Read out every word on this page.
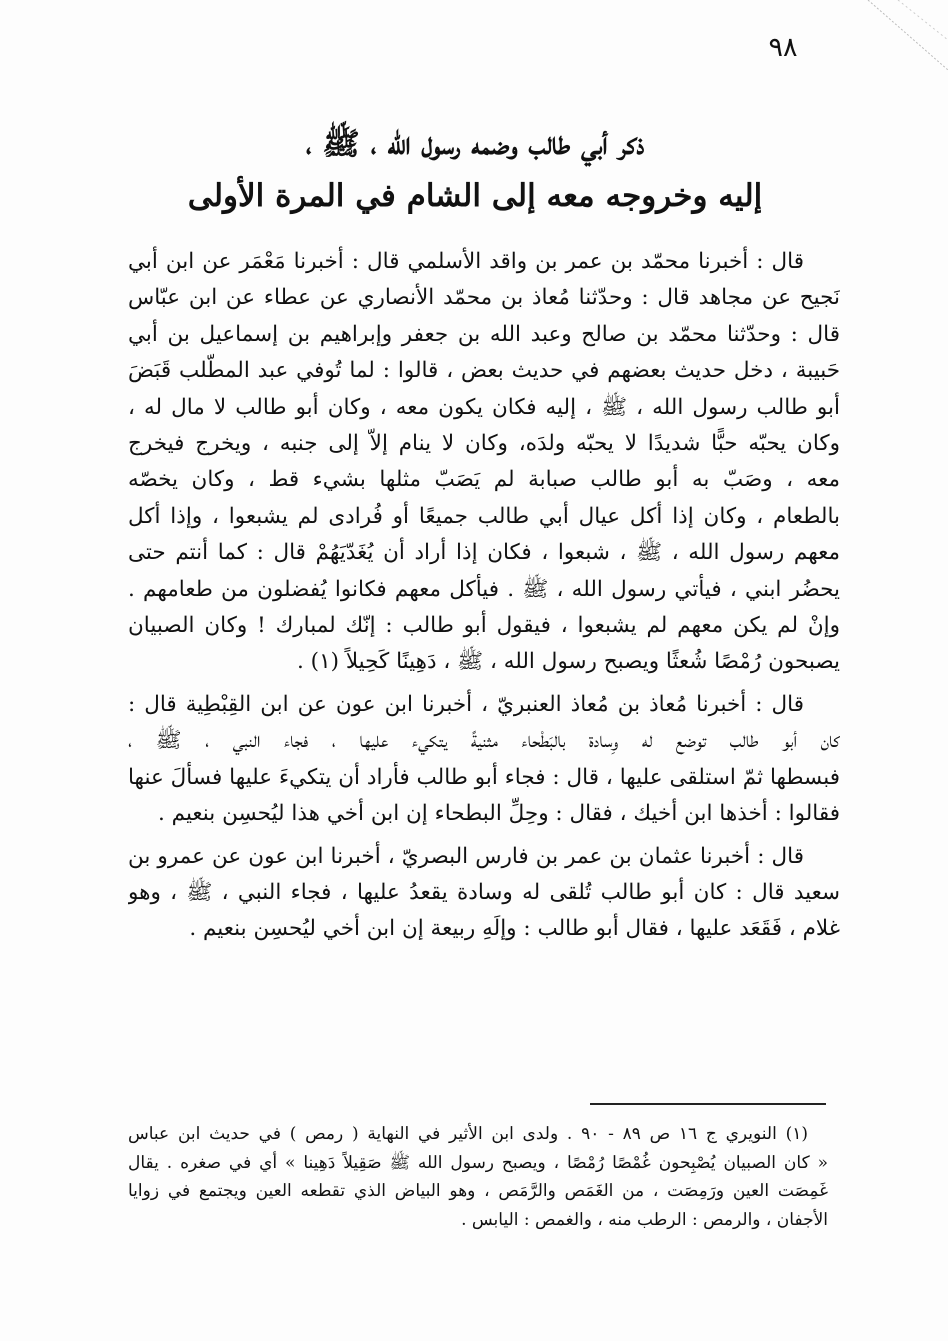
٩٨
ذكر أبي طالب وضمه رسول الله ، ﷺ ،
إليه وخروجه معه إلى الشام في المرة الأولى
قال : أخبرنا محمّد بن عمر بن واقد الأسلمي قال : أخبرنا مَعْمَر عن ابن أبي
نَجيح عن مجاهد قال : وحدّثنا مُعاذ بن محمّد الأنصاري عن عطاء عن ابن عبّاس
قال : وحدّثنا محمّد بن صالح وعبد الله بن جعفر وإبراهيم بن إسماعيل بن أبي
حَبيبة ، دخل حديث بعضهم في حديث بعض ، قالوا : لما تُوفي عبد المطّلب قَبَضَ
أبو طالب رسول الله ، ﷺ ، إليه فكان يكون معه ، وكان أبو طالب لا مال له ،
وكان يحبّه حبًّا شديدًا لا يحبّه ولدَه، وكان لا ينام إلاّ إلى جنبه ، ويخرج فيخرج
معه ، وصَبّ به أبو طالب صبابة لم يَصَبّ مثلها بشيء قط ، وكان يخصّه
بالطعام ، وكان إذا أكل عيال أبي طالب جميعًا أو فُرادى لم يشبعوا ، وإذا أكل
معهم رسول الله ، ﷺ ، شبعوا ، فكان إذا أراد أن يُغَدّيَهُمْ قال : كما أنتم حتى
يحضُر ابني ، فيأتي رسول الله ، ﷺ . فيأكل معهم فكانوا يُفضلون من طعامهم .
وإنْ لم يكن معهم لم يشبعوا ، فيقول أبو طالب : إنّك لمبارك ! وكان الصبيان
يصبحون رُمْصًا شُعثًا ويصبح رسول الله ، ﷺ ، دَهِينًا كَحِيلاً (١) .
قال : أخبرنا مُعاذ بن مُعاذ العنبريّ ، أخبرنا ابن عون عن ابن القِبْطِية قال :
كان أبو طالب توضع له وِسادة بالبَطْحاء مثنيةً يتكيء عليها ، فجاء النبي ، ﷺ ،
فبسطها ثمّ استلقى عليها ، قال : فجاء أبو طالب فأراد أن يتكيءَ عليها فسألَ عنها
فقالوا : أخذها ابن أخيك ، فقال : وحِلِّ البطحاء إن ابن أخي هذا ليُحسِن بنعيم .
قال : أخبرنا عثمان بن عمر بن فارس البصريّ ، أخبرنا ابن عون عن عمرو بن
سعيد قال : كان أبو طالب تُلقى له وسادة يقعدُ عليها ، فجاء النبي ، ﷺ ، وهو
غلام ، فَقَعَد عليها ، فقال أبو طالب : وإلَهِ ربيعة إن ابن أخي ليُحسِن بنعيم .
(١) النويري ج ١٦ ص ٨٩ - ٩٠ . ولدى ابن الأثير في النهاية ( رمص ) في حديث ابن عباس
« كان الصبيان يُصْبِحون غُمْصًا رُمْصًا ، ويصبح رسول الله ﷺ صَقِيلاً دَهِينا » أي في صغره . يقال
غَمِصَت العين ورَمِصَت ، من الغَمَص والرَّمَص ، وهو البياض الذي تقطعه العين ويجتمع في زوايا
الأجفان ، والرمص : الرطب منه ، والغمص : اليابس .
